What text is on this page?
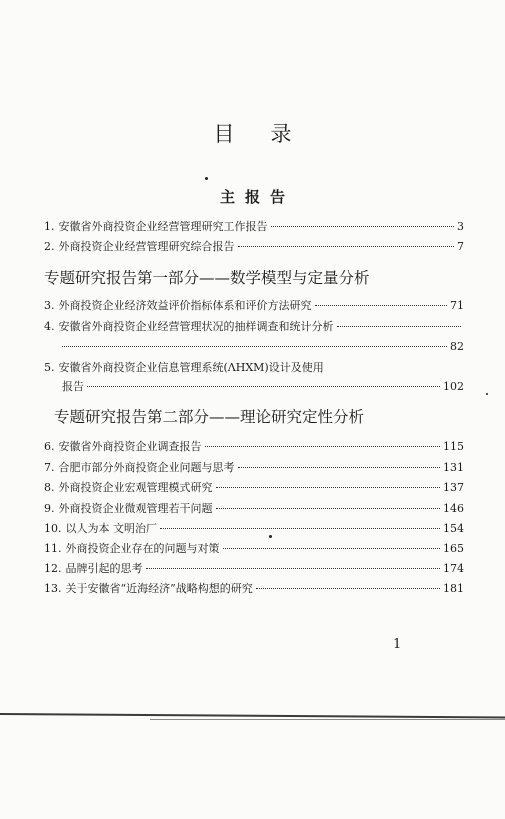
目录
主报告
1. 安徽省外商投资企业经营管理研究工作报告	3
2. 外商投资企业经营管理研究综合报告	7
专题研究报告第一部分——数学模型与定量分析
3. 外商投资企业经济效益评价指标体系和评价方法研究	71
4. 安徽省外商投资企业经营管理状况的抽样调查和统计分析
82
5. 安徽省外商投资企业信息管理系统(ΛHXM)设计及使用
报告	102
专题研究报告第二部分——理论研究定性分析
6. 安徽省外商投资企业调查报告	115
7. 合肥市部分外商投资企业问题与思考	131
8. 外商投资企业宏观管理模式研究	137
9. 外商投资企业微观管理若干问题	146
10. 以人为本 文明治厂	154
11. 外商投资企业存在的问题与对策	165
12. 品牌引起的思考	174
13. 关于安徽省“近海经济”战略构想的研究	181
1
